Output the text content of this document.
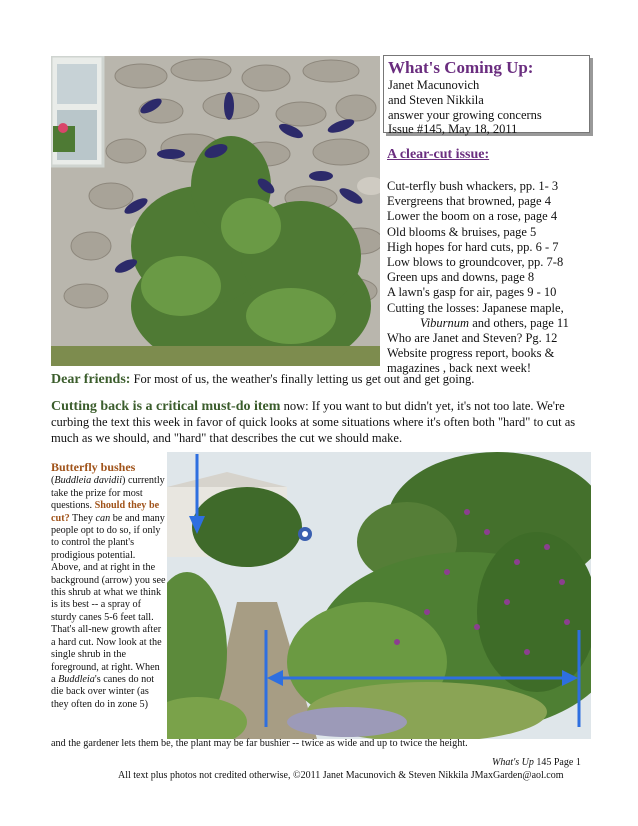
What's Coming Up:
Janet Macunovich
and Steven Nikkila
answer your growing concerns
Issue #145, May 18, 2011
A clear-cut issue:
Cut-terfly bush whackers, pp. 1- 3
Evergreens that browned, page 4
Lower the boom on a rose, page 4
Old blooms & bruises, page 5
High hopes for hard cuts, pp. 6 - 7
Low blows to groundcover, pp. 7-8
Green ups and downs, page 8
A lawn's gasp for air, pages 9 - 10
Cutting the losses: Japanese maple,
Viburnum and others, page 11
Who are Janet and Steven? Pg. 12
Website progress report, books &
magazines , back next week!
Dear friends: For most of us, the weather's finally letting us get out and get going.
Cutting back is a critical must-do item now: If you want to but didn't yet, it's not too late. We're curbing the text this week in favor of quick looks at some situations where it's often both "hard" to cut as much as we should, and "hard" that describes the cut we should make.
Butterfly bushes
(Buddleia davidii) currently take the prize for most questions. Should they be cut? They can be and many people opt to do so, if only to control the plant's prodigious potential. Above, and at right in the background (arrow) you see this shrub at what we think is its best -- a spray of sturdy canes 5-6 feet tall. That's all-new growth after a hard cut. Now look at the single shrub in the foreground, at right. When a Buddleia's canes do not die back over winter (as they often do in zone 5)
and the gardener lets them be, the plant may be far bushier -- twice as wide and up to twice the height.
What's Up 145 Page 1
All text plus photos not credited otherwise, ©2011 Janet Macunovich & Steven Nikkila JMaxGarden@aol.com
